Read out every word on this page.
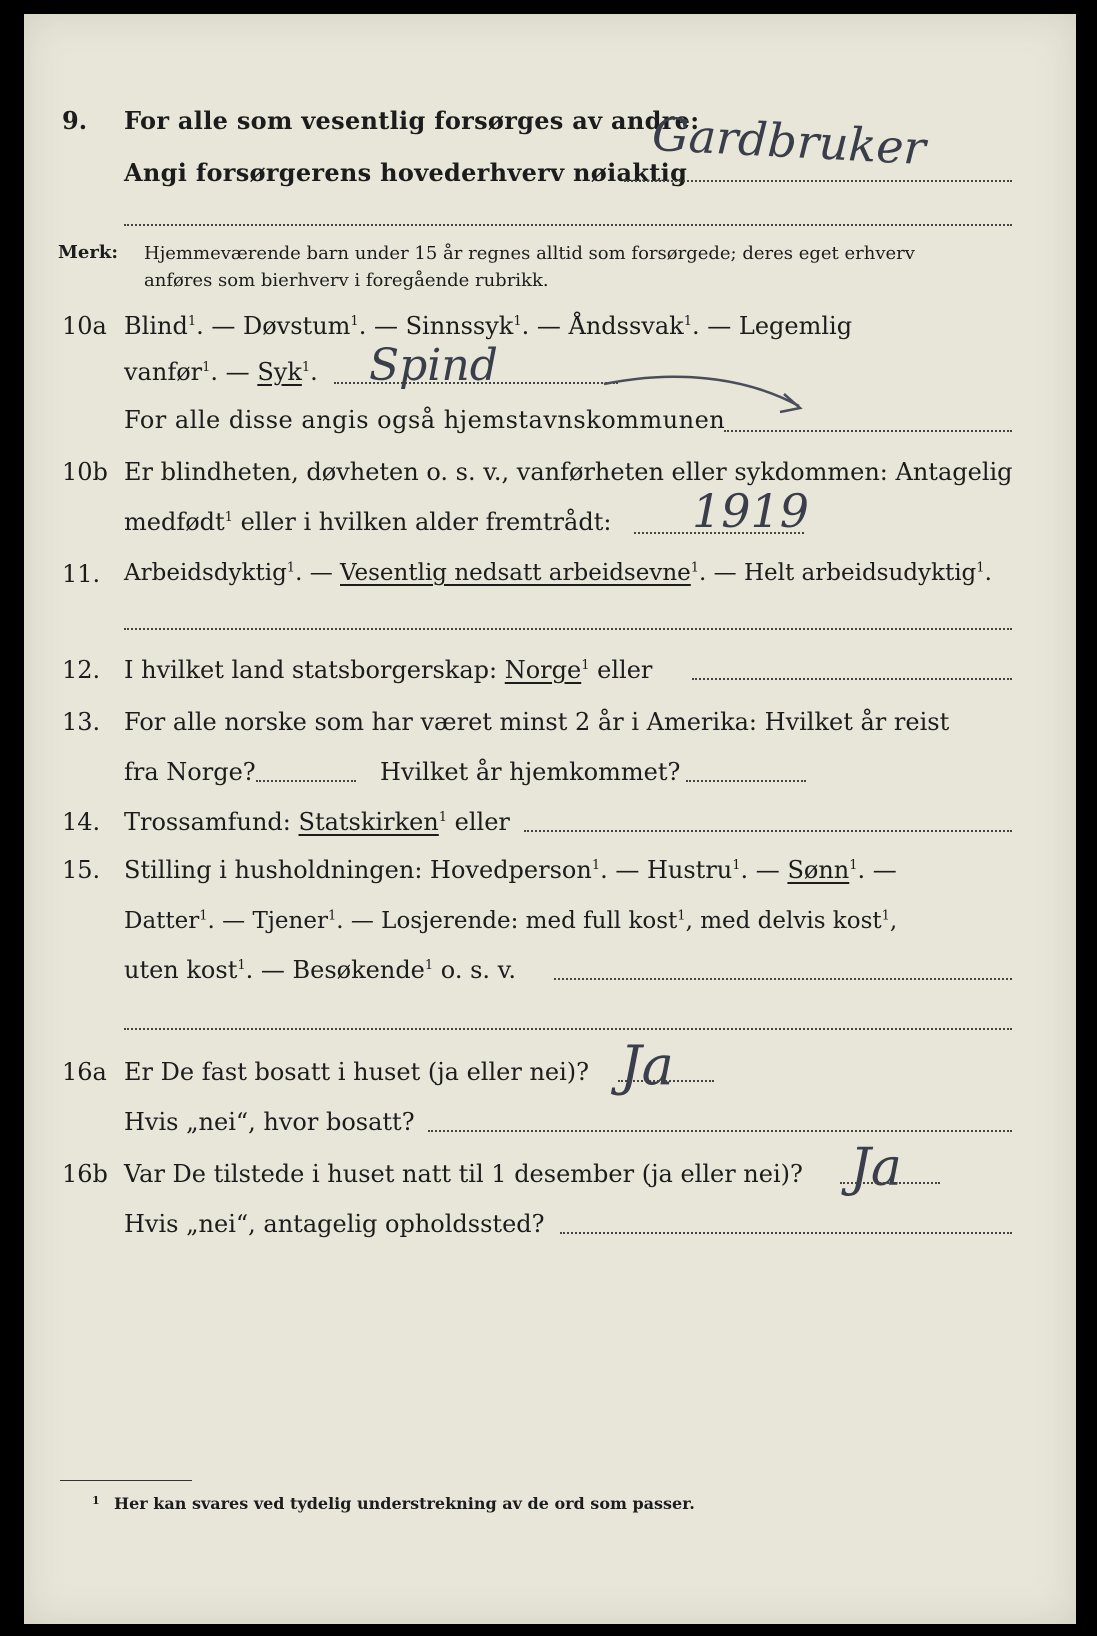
9. For alle som vesentlig forsørges av andre:
Gardbruker
Angi forsørgerens hovederhverv nøiaktig
Merk: Hjemmeværende barn under 15 år regnes alltid som forsørgede; deres eget erhverv
anføres som bierhverv i foregående rubrikk.
10a Blind$^1$. — Døvstum$^1$. — Sinnssyk$^1$. — Åndssvak$^1$. — Legemlig
vanfør$^1$. — Syk$^1$. Spind
For alle disse angis også hjemstavnskommunen
10b Er blindheten, døvheten o. s. v., vanførheten eller sykdommen: Antagelig
medfødt$^1$ eller i hvilken alder fremtrådt: 1919
11. Arbeidsdyktig$^1$. — Vesentlig nedsatt arbeidsevne$^1$. — Helt arbeidsudyktig$^1$.
12. I hvilket land statsborgerskap: Norge$^1$ eller
13. For alle norske som har været minst 2 år i Amerika: Hvilket år reist
fra Norge?	Hvilket år hjemkommet?
14. Trossamfund: Statskirken$^1$ eller
15. Stilling i husholdningen: Hovedperson$^1$. — Hustru$^1$. — Sønn$^1$. —
Datter$^1$. — Tjener$^1$. — Losjerende: med full kost$^1$, med delvis kost$^1$,
uten kost$^1$. — Besøkende$^1$ o. s. v.
16a Er De fast bosatt i huset (ja eller nei)? Ja
Hvis „nei“, hvor bosatt?
16b Var De tilstede i huset natt til 1 desember (ja eller nei)? Ja
Hvis „nei“, antagelig opholdssted?
1 Her kan svares ved tydelig understrekning av de ord som passer.
